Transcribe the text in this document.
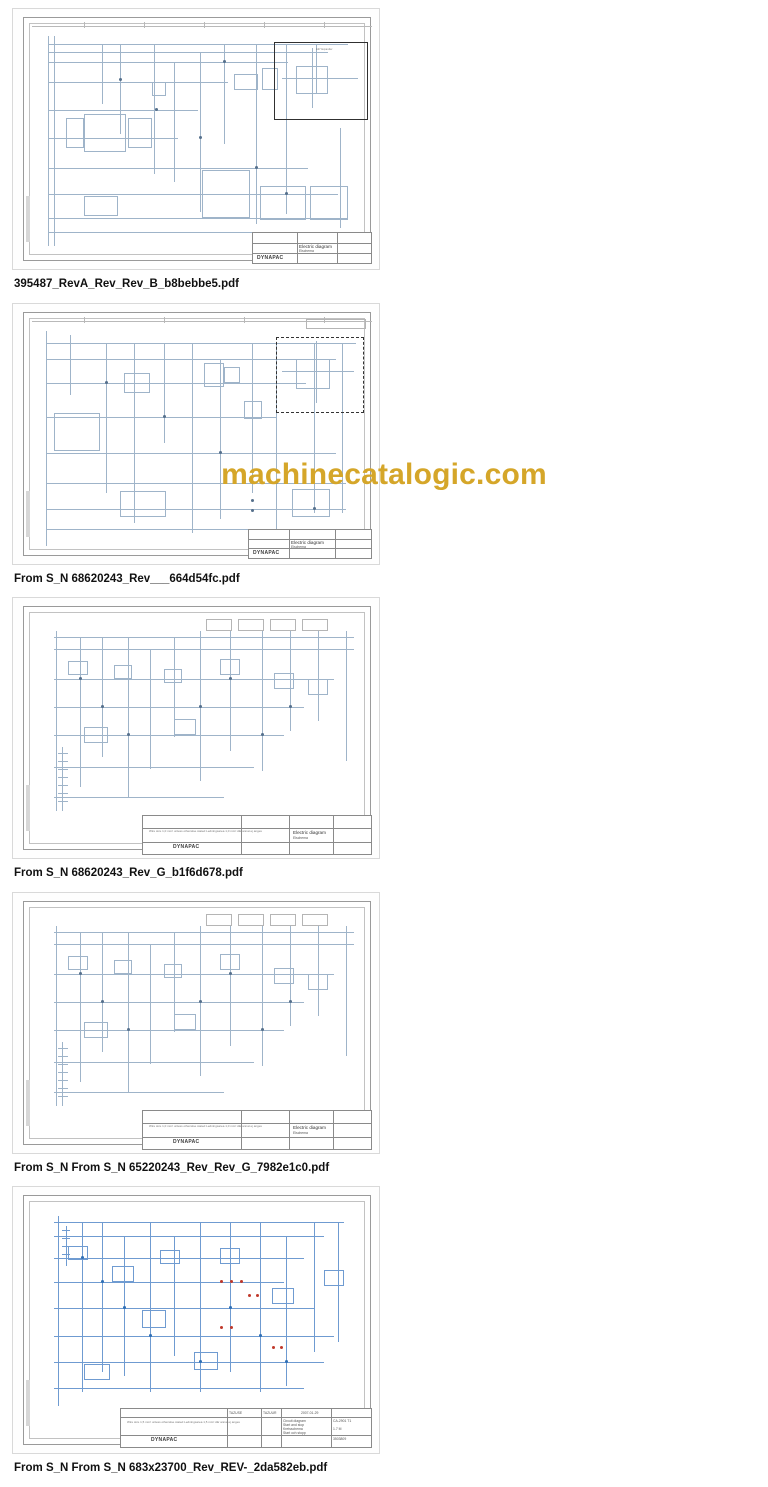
machinecatalogic.com
E27 Expander
DYNAPAC
Electric diagram
Elschema
395487_RevA_Rev_Rev_B_b8bebbe5.pdf
DYNAPAC
Electric diagram
Elschema
From S_N 68620243_Rev___664d54fc.pdf
Wire size 1,0 mm² unless otherwise stated Ledningsarea 1,0 mm² där annat ej anges
DYNAPAC
Electric diagram
Elschema
From S_N 68620243_Rev_G_b1f6d678.pdf
Wire size 1,0 mm² unless otherwise stated Ledningsarea 1,0 mm² där annat ej anges
DYNAPAC
Electric diagram
Elschema
From S_N From S_N 65220243_Rev_Rev_G_7982e1c0.pdf
Wire size 1,5 mm² unless otherwise stated Ledningsarea 1,5 mm² där annat ej anges
TAZUSE	TAZUUR	2007-01-29
Circuit diagram
Start and stop
Kretsschema
Start och stopp
CA-2901 T1
1.7 M
3503809
DYNAPAC
From S_N From S_N 683x23700_Rev_REV-_2da582eb.pdf
